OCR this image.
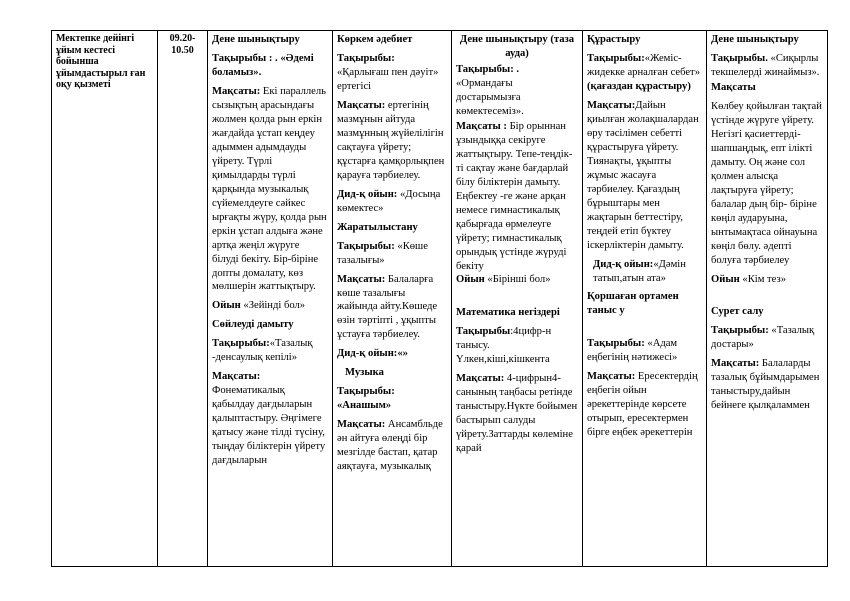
Мектепке дейінгі ұйым кестесі бойынша ұйымдастырыл ған оқу қызметі	
09.20-
10.50

Дене шынықтыру
Тақырыбы : . «Әдемі боламыз».
Мақсаты: Екі параллель сызықтың арасындағы жолмен қолда рын еркін жағдайда ұстап кеңдеу адыммен адымдауды үйрету. Түрлі қимылдарды түрлі қарқында музыкалық сүйемелдеуге сәйкес ырғақты жүру, қолда рын еркін ұстап алдыға және артқа жеңіл жүруге білуді бекіту. Бір-біріне допты домалату, көз мөлшерін жаттықтыру.
Ойын «Зейінді бол»
Сөйлеуді дамыту
Тақырыбы:«Тазалық -денсаулық кепілі»
Мақсаты: Фонематикалық қабылдау дағдыларын қалыптастыру. Әңгімеге қатысу және тілді түсіну, тыңдау біліктерін үйрету дағдыларын

Көркем әдебиет
Тақырыбы: «Қарлығаш пен дәуіт» ертегісі
Мақсаты: ертегінің мазмұнын айтуда мазмұнның жүйелілігін сақтауға үйрету; құстарға қамқорлықпен қарауға тәрбиелеу.
Дид-қ ойын: «Досыңа көмектес»
Жаратылыстану
Тақырыбы: «Көше тазалығы»
Мақсаты: Балаларға көше тазалығы жайында айту.Көшеде өзін тәртіпті , ұқыпты ұстауға тәрбиелеу.
Дид-қ ойын:«»
Музыка
Тақырыбы: «Анашым»
Мақсаты: Ансамбльде ән айтуға өлеңді бір мезгілде бастап, қатар аяқтауға, музыкалық

Дене шынықтыру (таза ауда)
Тақырыбы: . «Ормандағы достарымызға көмектесеміз».
Мақсаты : Бір орыннан ұзындыққа секіруге жаттықтыру. Тепе-теңдік-ті сақтау және бағдарлай білу біліктерін дамыту. Еңбектеу -ге және арқан немесе гимнастикалық қабырғада өрмелеуге үйрету; гимнастикалық орындық үстінде жүруді бекіту
Ойын «Бірінші бол»
Математика негіздері
Тақырыбы:4цифр-н танысу. Үлкен,кіші,кішкента
Мақсаты: 4-цифрын4-санының таңбасы ретінде таныстыру.Нүкте бойымен бастырып салуды үйрету.Заттарды көлеміне қарай

Құрастыру
Тақырыбы:«Жеміс-жидекке арналған себет» (қағаздан құрастыру)
Мақсаты:Дайын қиылған жолақшалардан өру тәсілімен себетті құрастыруға үйрету. Тиянақты, ұқыпты жұмыс жасауға тәрбиелеу. Қағаздың бұрыштары мен жақтарын беттестіру, теңдей етіп бүктеу іскерліктерін дамыту.
Дид-қ ойын:«Дәмін татып,атын ата»
Қоршаған ортамен таныс у
Тақырыбы: «Адам еңбегінің нәтижесі»
Мақсаты: Ересектердің еңбегін ойын әрекеттерінде көрсете отырып, ересектермен бірге еңбек әрекеттерін

Дене шынықтыру
Тақырыбы. «Сиқырлы текшелерді жинаймыз».
Мақсаты
Көлбеу қойылған тақтай үстінде жүруге үйрету. Негізгі қасиеттерді-шапшаңдық, епт ілікті дамыту. Оң және сол қолмен алысқа лақтыруға үйрету; балалар дың бір- біріне көңіл аударуына, ынтымақтаса ойнауына көңіл бөлу. әдепті болуға тәрбиелеу
Ойын «Кім тез»
Сурет салу
Тақырыбы: «Тазалық достары»
Мақсаты: Балаларды тазалық бұйымдарымен таныстыру,дайын бейнеге қылқаламмен
